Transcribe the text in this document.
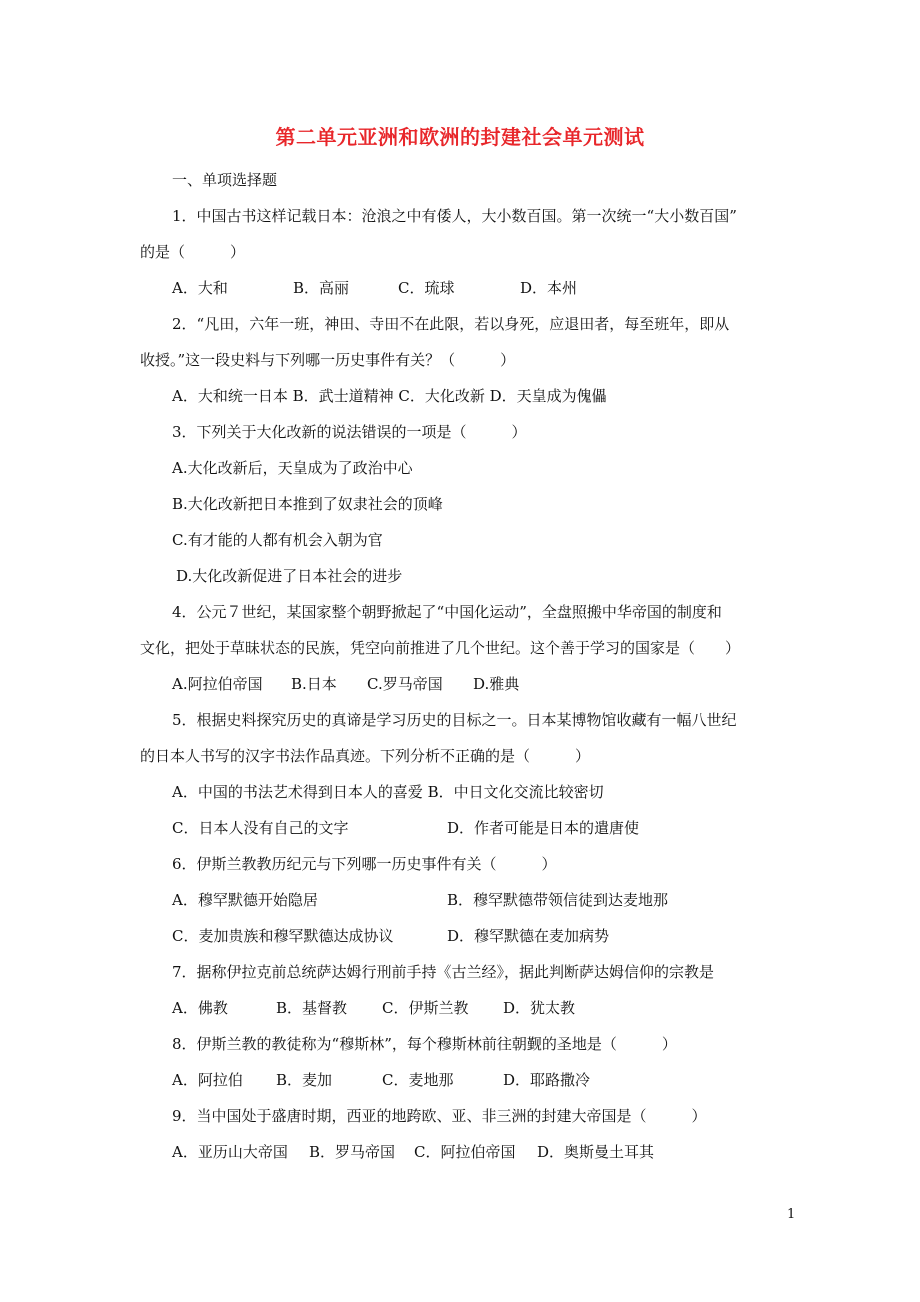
第二单元亚洲和欧洲的封建社会单元测试
一、单项选择题
1．中国古书这样记载日本：沧浪之中有倭人，大小数百国。第一次统一“大小数百国”
的是（　　　）
A．大和	B．高丽	C．琉球	D．本州
2．“凡田，六年一班，神田、寺田不在此限，若以身死，应退田者，每至班年，即从
收授。”这一段史料与下列哪一历史事件有关？（　　　）
A．大和统一日本 B．武士道精神 C．大化改新 D．天皇成为傀儡
3．下列关于大化改新的说法错误的一项是（　　　）
A.大化改新后，天皇成为了政治中心
B.大化改新把日本推到了奴隶社会的顶峰
C.有才能的人都有机会入朝为官
D.大化改新促进了日本社会的进步
4．公元７世纪，某国家整个朝野掀起了“中国化运动”，全盘照搬中华帝国的制度和
文化，把处于草昧状态的民族，凭空向前推进了几个世纪。这个善于学习的国家是（　　）
A.阿拉伯帝国 B.日本 C.罗马帝国 D.雅典
5．根据史料探究历史的真谛是学习历史的目标之一。日本某博物馆收藏有一幅八世纪
的日本人书写的汉字书法作品真迹。下列分析不正确的是（　　　）
A．中国的书法艺术得到日本人的喜爱 B．中日文化交流比较密切
C．日本人没有自己的文字	D．作者可能是日本的遣唐使
6．伊斯兰教教历纪元与下列哪一历史事件有关（　　　）
A．穆罕默德开始隐居	B．穆罕默德带领信徒到达麦地那
C．麦加贵族和穆罕默德达成协议	D．穆罕默德在麦加病势
7．据称伊拉克前总统萨达姆行刑前手持《古兰经》，据此判断萨达姆信仰的宗教是
A．佛教	B．基督教 C．伊斯兰教 D．犹太教
8．伊斯兰教的教徒称为“穆斯林”，每个穆斯林前往朝觐的圣地是（　　　）
A．阿拉伯 B．麦加	C．麦地那	D．耶路撒冷
9．当中国处于盛唐时期，西亚的地跨欧、亚、非三洲的封建大帝国是（　　　）
A．亚历山大帝国 B．罗马帝国 C．阿拉伯帝国 D．奥斯曼土耳其
1
